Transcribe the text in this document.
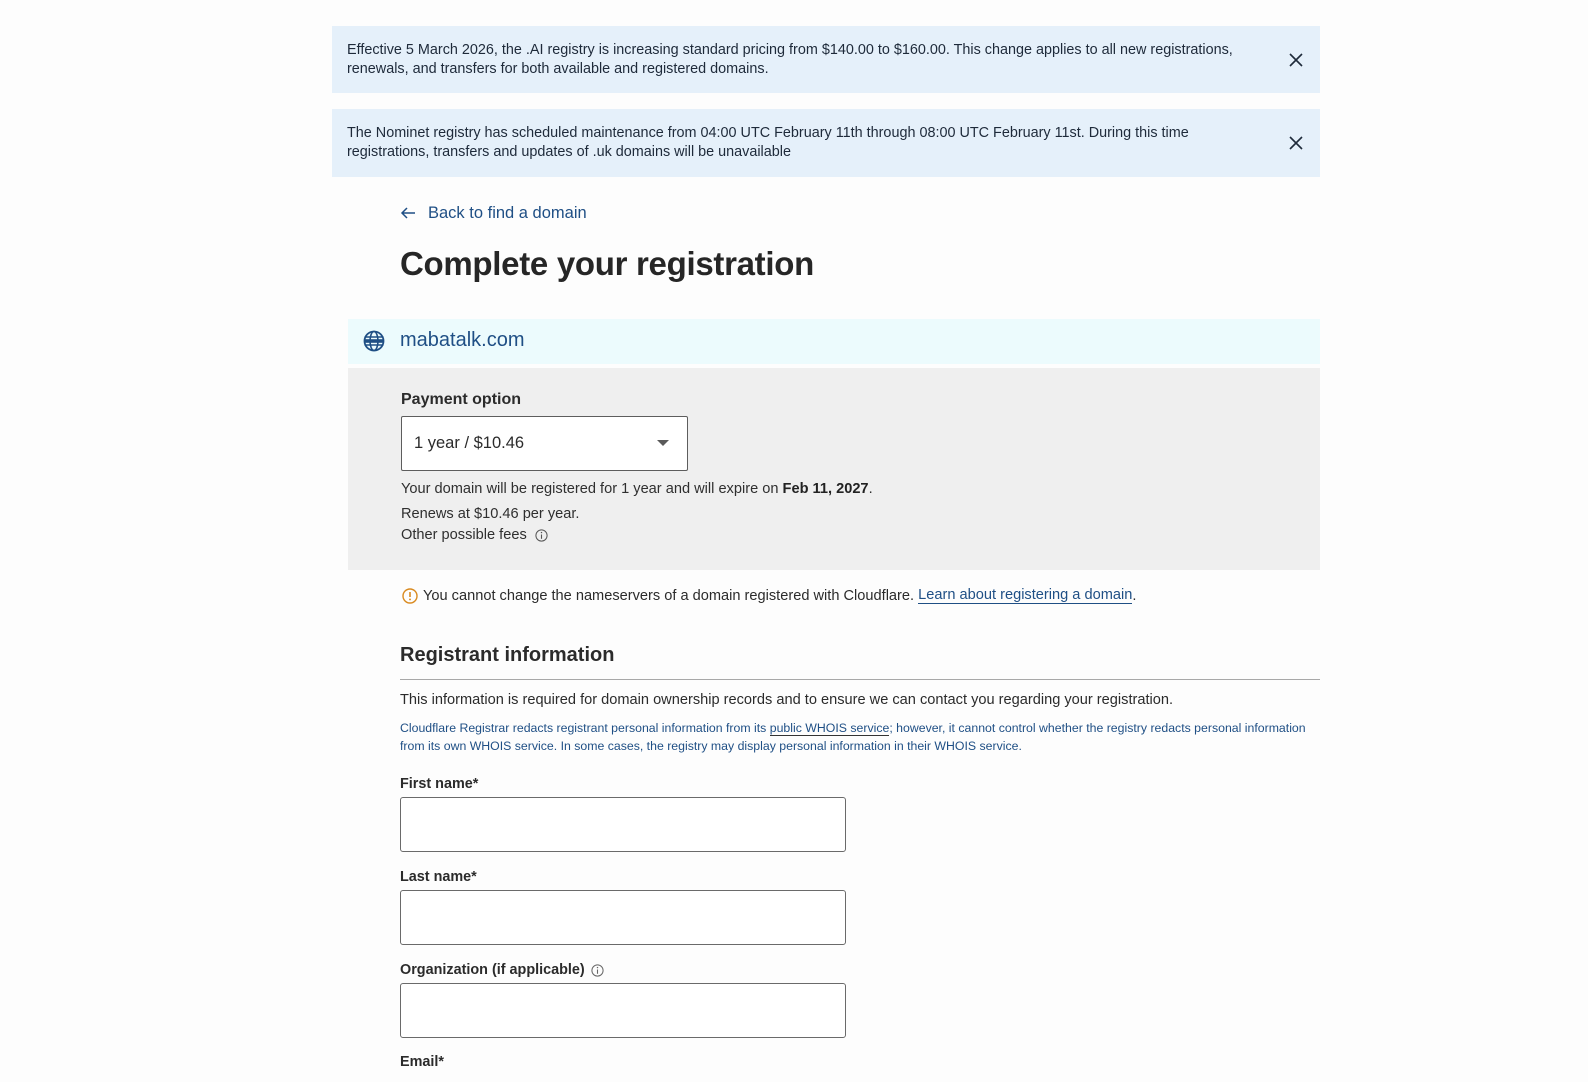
Effective 5 March 2026, the .AI registry is increasing standard pricing from $140.00 to $160.00. This change applies to all new registrations, renewals, and transfers for both available and registered domains.
The Nominet registry has scheduled maintenance from 04:00 UTC February 11th through 08:00 UTC February 11st. During this time registrations, transfers and updates of .uk domains will be unavailable
Back to find a domain
Complete your registration
mabatalk.com
Payment option
1 year / $10.46
Your domain will be registered for 1 year and will expire on Feb 11, 2027.
Renews at $10.46 per year.
Other possible fees
You cannot change the nameservers of a domain registered with Cloudflare. Learn about registering a domain .
Registrant information

This information is required for domain ownership records and to ensure we can contact you regarding your registration.

Cloudflare Registrar redacts registrant personal information from its public WHOIS service; however, it cannot control whether the registry redacts personal information from its own WHOIS service. In some cases, the registry may display personal information in their WHOIS service.

First name*
Last name*
Organization (if applicable)
Email*
